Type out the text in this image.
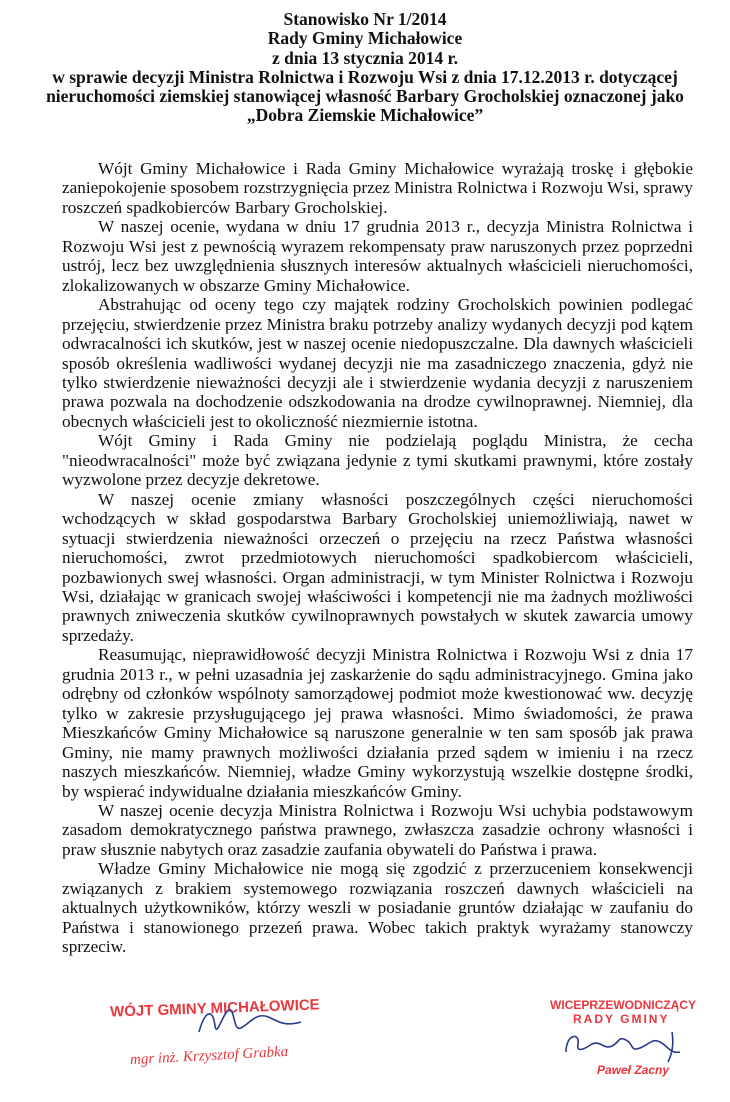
Stanowisko Nr 1/2014
Rady Gminy Michałowice
z dnia 13 stycznia 2014 r.
w sprawie decyzji Ministra Rolnictwa i Rozwoju Wsi z dnia 17.12.2013 r. dotyczącej
nieruchomości ziemskiej stanowiącej własność Barbary Grocholskiej oznaczonej jako
„Dobra Ziemskie Michałowice”

Wójt Gminy Michałowice i Rada Gminy Michałowice wyrażają troskę i głębokie zaniepokojenie sposobem rozstrzygnięcia przez Ministra Rolnictwa i Rozwoju Wsi, sprawy roszczeń spadkobierców Barbary Grocholskiej.

W naszej ocenie, wydana w dniu 17 grudnia 2013 r., decyzja Ministra Rolnictwa i Rozwoju Wsi jest z pewnością wyrazem rekompensaty praw naruszonych przez poprzedni ustrój, lecz bez uwzględnienia słusznych interesów aktualnych właścicieli nieruchomości, zlokalizowanych w obszarze Gminy Michałowice.

Abstrahując od oceny tego czy majątek rodziny Grocholskich powinien podlegać przejęciu, stwierdzenie przez Ministra braku potrzeby analizy wydanych decyzji pod kątem odwracalności ich skutków, jest w naszej ocenie niedopuszczalne. Dla dawnych właścicieli sposób określenia wadliwości wydanej decyzji nie ma zasadniczego znaczenia, gdyż nie tylko stwierdzenie nieważności decyzji ale i stwierdzenie wydania decyzji z naruszeniem prawa pozwala na dochodzenie odszkodowania na drodze cywilnoprawnej. Niemniej, dla obecnych właścicieli jest to okoliczność niezmiernie istotna.

Wójt Gminy i Rada Gminy nie podzielają poglądu Ministra, że cecha "nieodwracalności" może być związana jedynie z tymi skutkami prawnymi, które zostały wyzwolone przez decyzje dekretowe.

W naszej ocenie zmiany własności poszczególnych części nieruchomości wchodzących w skład gospodarstwa Barbary Grocholskiej uniemożliwiają, nawet w sytuacji stwierdzenia nieważności orzeczeń o przejęciu na rzecz Państwa własności nieruchomości, zwrot przedmiotowych nieruchomości spadkobiercom właścicieli, pozbawionych swej własności. Organ administracji, w tym Minister Rolnictwa i Rozwoju Wsi, działając w granicach swojej właściwości i kompetencji nie ma żadnych możliwości prawnych zniweczenia skutków cywilnoprawnych powstałych w skutek zawarcia umowy sprzedaży.

Reasumując, nieprawidłowość decyzji Ministra Rolnictwa i Rozwoju Wsi z dnia 17 grudnia 2013 r., w pełni uzasadnia jej zaskarżenie do sądu administracyjnego. Gmina jako odrębny od członków wspólnoty samorządowej podmiot może kwestionować ww. decyzję tylko w zakresie przysługującego jej prawa własności. Mimo świadomości, że prawa Mieszkańców Gminy Michałowice są naruszone generalnie w ten sam sposób jak prawa Gminy, nie mamy prawnych możliwości działania przed sądem w imieniu i na rzecz naszych mieszkańców. Niemniej, władze Gminy wykorzystują wszelkie dostępne środki, by wspierać indywidualne działania mieszkańców Gminy.

W naszej ocenie decyzja Ministra Rolnictwa i Rozwoju Wsi uchybia podstawowym zasadom demokratycznego państwa prawnego, zwłaszcza zasadzie ochrony własności i praw słusznie nabytych oraz zasadzie zaufania obywateli do Państwa i prawa.

Władze Gminy Michałowice nie mogą się zgodzić z przerzuceniem konsekwencji związanych z brakiem systemowego rozwiązania roszczeń dawnych właścicieli na aktualnych użytkowników, którzy weszli w posiadanie gruntów działając w zaufaniu do Państwa i stanowionego przezeń prawa. Wobec takich praktyk wyrażamy stanowczy sprzeciw.

WÓJT GMINY MICHAŁOWICE
mgr inż. Krzysztof Grabka
WICEPRZEWODNICZĄCY
RADY GMINY
Paweł Zacny
